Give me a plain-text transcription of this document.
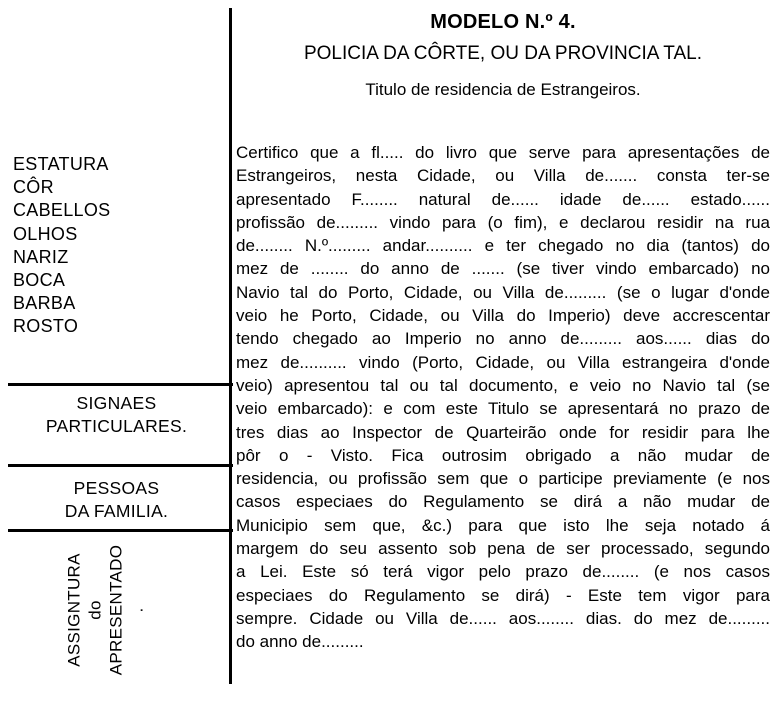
ESTATURA
CÔR
CABELLOS
OLHOS
NARIZ
BOCA
BARBA
ROSTO
SIGNAES
PARTICULARES.
PESSOAS
DA FAMILIA.
ASSIGNTURA do APRESENTADO .
MODELO N.º 4.
POLICIA DA CÔRTE, OU DA PROVINCIA TAL.
Titulo de residencia de Estrangeiros.
Certifico que a fl..... do livro que serve para apresentações de
Estrangeiros, nesta Cidade, ou Villa de....... consta ter-se
apresentado F........ natural de...... idade de...... estado......
profissão de......... vindo para (o fim), e declarou residir na rua
de........ N.º......... andar.......... e ter chegado no dia (tantos) do
mez de ........ do anno de ....... (se tiver vindo embarcado) no
Navio tal do Porto, Cidade, ou Villa de......... (se o lugar d'onde
veio he Porto, Cidade, ou Villa do Imperio) deve accrescentar
tendo chegado ao Imperio no anno de......... aos...... dias do
mez de.......... vindo (Porto, Cidade, ou Villa estrangeira d'onde
veio) apresentou tal ou tal documento, e veio no Navio tal (se
veio embarcado): e com este Titulo se apresentará no prazo de
tres dias ao Inspector de Quarteirão onde for residir para lhe
pôr o - Visto. Fica outrosim obrigado a não mudar de
residencia, ou profissão sem que o participe previamente (e nos
casos especiaes do Regulamento se dirá a não mudar de
Municipio sem que, &c.) para que isto lhe seja notado á
margem do seu assento sob pena de ser processado, segundo
a Lei. Este só terá vigor pelo prazo de........ (e nos casos
especiaes do Regulamento se dirá) - Este tem vigor para
sempre. Cidade ou Villa de...... aos........ dias. do mez de.........
do anno de.........
